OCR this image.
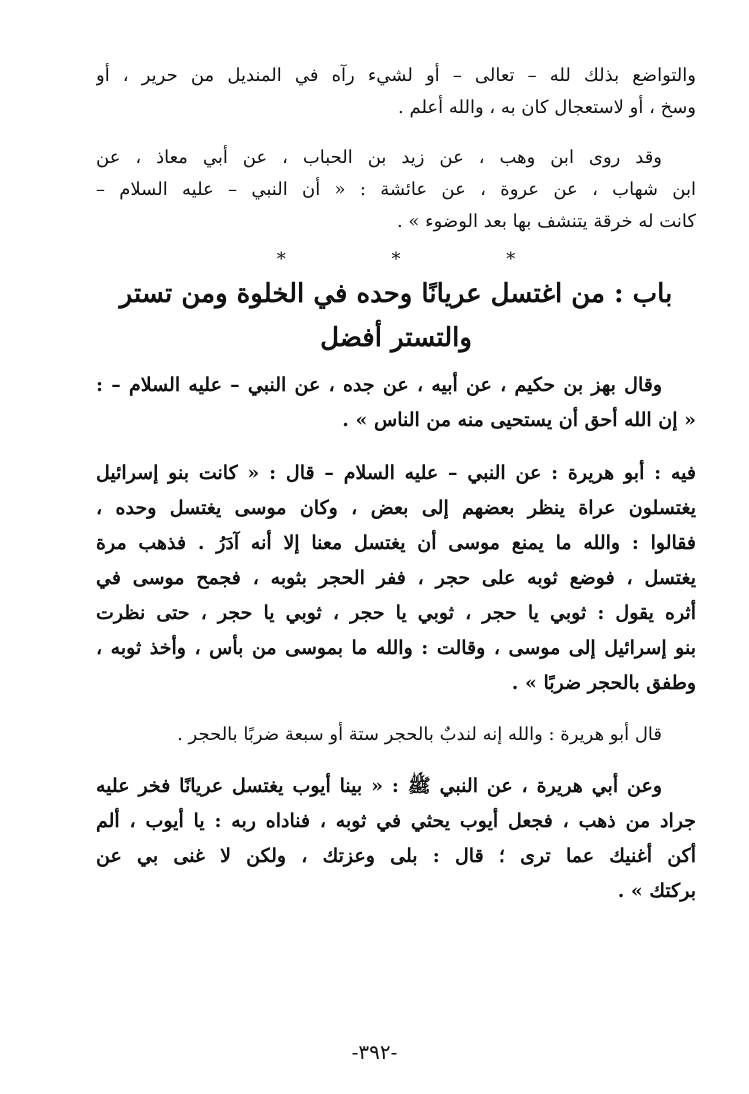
والتواضع بذلك لله – تعالى – أو لشيء رآه في المنديل من حرير ، أو
وسخ ، أو لاستعجال كان به ، والله أعلم .
وقد روى ابن وهب ، عن زيد بن الحباب ، عن أبي معاذ ، عن
ابن شهاب ، عن عروة ، عن عائشة : « أن النبي – عليه السلام –
كانت له خرقة يتنشف بها بعد الوضوء » .
* * *
باب : من اغتسل عريانًا وحده في الخلوة ومن تستر
والتستر أفضل
وقال بهز بن حكيم ، عن أبيه ، عن جده ، عن النبي – عليه السلام – :
« إن الله أحق أن يستحيى منه من الناس » .
فيه : أبو هريرة : عن النبي – عليه السلام – قال : « كانت بنو إسرائيل
يغتسلون عراة ينظر بعضهم إلى بعض ، وكان موسى يغتسل وحده ،
فقالوا : والله ما يمنع موسى أن يغتسل معنا إلا أنه آدَرُ . فذهب مرة
يغتسل ، فوضع ثوبه على حجر ، ففر الحجر بثوبه ، فجمح موسى في
أثره يقول : ثوبي يا حجر ، ثوبي يا حجر ، ثوبي يا حجر ، حتى نظرت
بنو إسرائيل إلى موسى ، وقالت : والله ما بموسى من بأس ، وأخذ ثوبه ،
وطفق بالحجر ضربًا » .
قال أبو هريرة : والله إنه لندبٌ بالحجر ستة أو سبعة ضربًا بالحجر .
وعن أبي هريرة ، عن النبي ﷺ : « بينا أيوب يغتسل عريانًا فخر عليه
جراد من ذهب ، فجعل أيوب يحثي في ثوبه ، فناداه ربه : يا أيوب ، ألم
أكن أغنيك عما ترى ؛ قال : بلى وعزتك ، ولكن لا غنى بي عن
بركتك » .
-٣٩٢-
